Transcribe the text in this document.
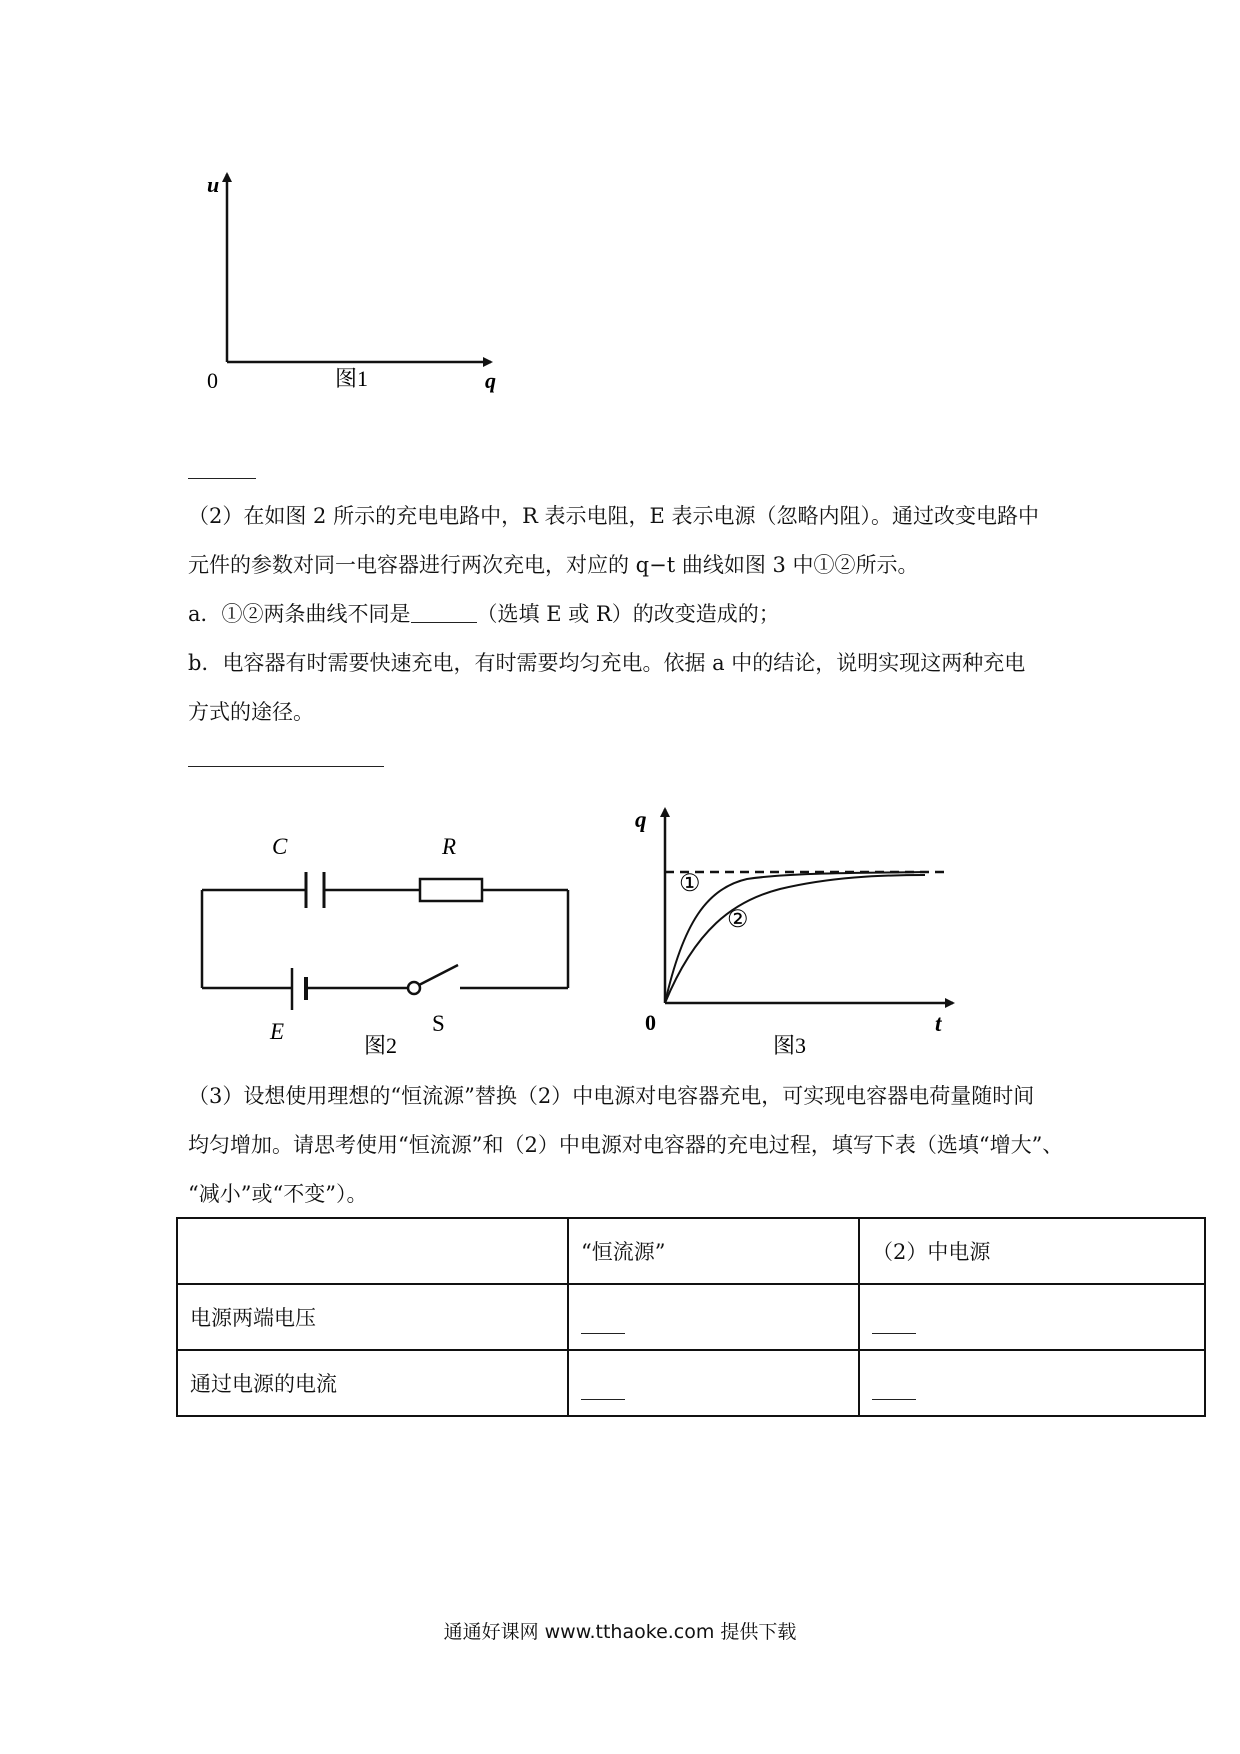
u
q
0	图1
（2）在如图 2 所示的充电电路中，R 表示电阻，E 表示电源（忽略内阻）。通过改变电路中
元件的参数对同一电容器进行两次充电，对应的 q−t 曲线如图 3 中①②所示。
a．①②两条曲线不同是	（选填 E 或 R）的改变造成的；
b．电容器有时需要快速充电，有时需要均匀充电。依据 a 中的结论，说明实现这两种充电
方式的途径。
C	R
E	S
图2
①
②
q
t
0
图3
（3）设想使用理想的“恒流源”替换（2）中电源对电容器充电，可实现电容器电荷量随时间
均匀增加。请思考使用“恒流源”和（2）中电源对电容器的充电过程，填写下表（选填“增大”、
“减小”或“不变”）。
	“恒流源”	（2）中电源
电源两端电压		
通过电源的电流		
通通好课网 www.tthaoke.com 提供下载
